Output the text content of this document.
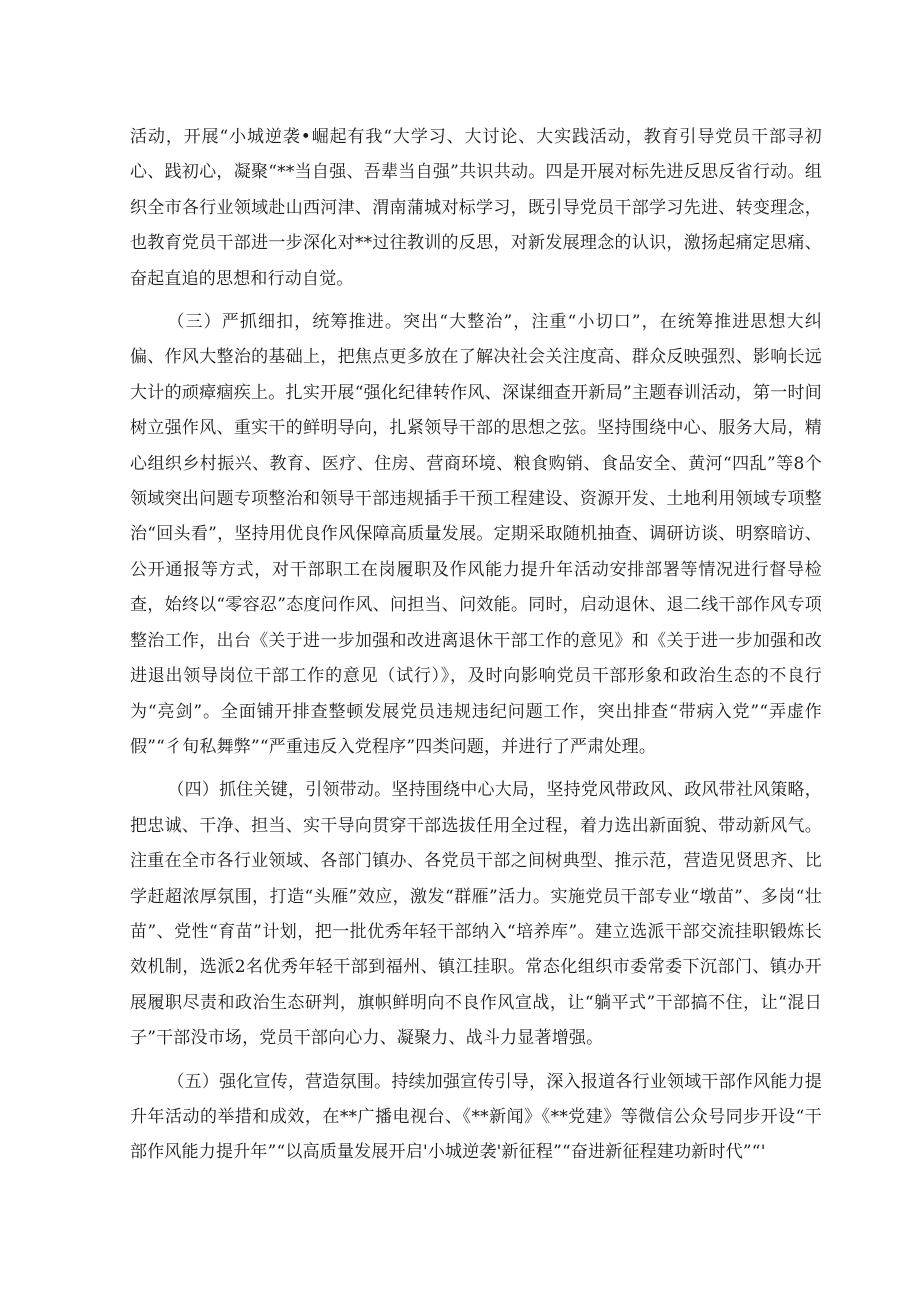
活动，开展“小城逆袭•崛起有我“大学习、大讨论、大实践活动，教育引导党员干部寻初心、践初心，凝聚“**当自强、吾辈当自强”共识共动。四是开展对标先进反思反省行动。组织全市各行业领域赴山西河津、渭南蒲城对标学习，既引导党员干部学习先进、转变理念，也教育党员干部进一步深化对**过往教训的反思，对新发展理念的认识，激扬起痛定思痛、奋起直追的思想和行动自觉。

（三）严抓细扣，统筹推进。突出“大整治”，注重“小切口”，在统筹推进思想大纠偏、作风大整治的基础上，把焦点更多放在了解决社会关注度高、群众反映强烈、影响长远大计的顽瘴痼疾上。扎实开展“强化纪律转作风、深谋细查开新局”主题春训活动，第一时间树立强作风、重实干的鲜明导向，扎紧领导干部的思想之弦。坚持围绕中心、服务大局，精心组织乡村振兴、教育、医疗、住房、营商环境、粮食购销、食品安全、黄河“四乱”等8个领域突出问题专项整治和领导干部违规插手干预工程建设、资源开发、土地利用领域专项整治“回头看”，坚持用优良作风保障高质量发展。定期采取随机抽查、调研访谈、明察暗访、公开通报等方式，对干部职工在岗履职及作风能力提升年活动安排部署等情况进行督导检查，始终以“零容忍”态度问作风、问担当、问效能。同时，启动退休、退二线干部作风专项整治工作，出台《关于进一步加强和改进离退休干部工作的意见》和《关于进一步加强和改进退出领导岗位干部工作的意见（试行）》，及时向影响党员干部形象和政治生态的不良行为“亮剑”。全面铺开排查整顿发展党员违规违纪问题工作，突出排查“带病入党”“弄虚作假”“彳旬私舞弊”“严重违反入党程序”四类问题，并进行了严肃处理。

（四）抓住关键，引领带动。坚持围绕中心大局，坚持党风带政风、政风带社风策略，把忠诚、干净、担当、实干导向贯穿干部选拔任用全过程，着力选出新面貌、带动新风气。注重在全市各行业领域、各部门镇办、各党员干部之间树典型、推示范，营造见贤思齐、比学赶超浓厚氛围，打造“头雁”效应，激发“群雁”活力。实施党员干部专业“墩苗”、多岗“壮苗”、党性“育苗”计划，把一批优秀年轻干部纳入“培养库”。建立选派干部交流挂职锻炼长效机制，选派2名优秀年轻干部到福州、镇江挂职。常态化组织市委常委下沉部门、镇办开展履职尽责和政治生态研判，旗帜鲜明向不良作风宣战，让“躺平式”干部搞不住，让“混日子”干部没市场，党员干部向心力、凝聚力、战斗力显著增强。

（五）强化宣传，营造氛围。持续加强宣传引导，深入报道各行业领域干部作风能力提升年活动的举措和成效，在**广播电视台、《**新闻》《**党建》等微信公众号同步开设“干部作风能力提升年”“以高质量发展开启'小城逆袭'新征程”“奋进新征程建功新时代”“'
